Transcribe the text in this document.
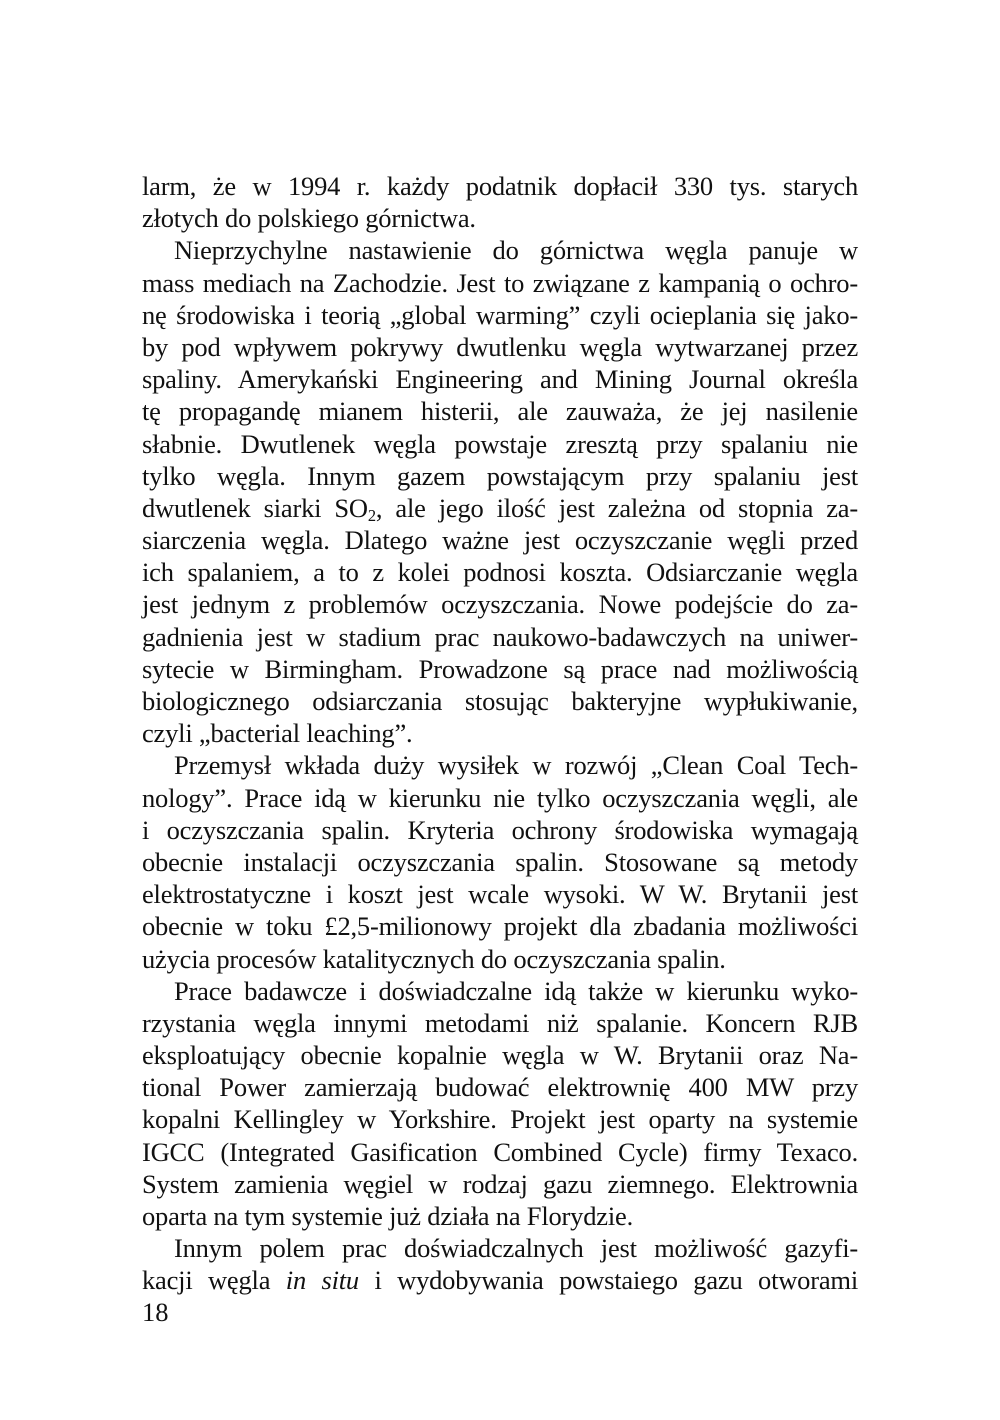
larm, że w 1994 r. każdy podatnik dopłacił 330 tys. starych
złotych do polskiego górnictwa.
Nieprzychylne nastawienie do górnictwa węgla panuje w
mass mediach na Zachodzie. Jest to związane z kampanią o ochro-
nę środowiska i teorią „global warming” czyli ocieplania się jako-
by pod wpływem pokrywy dwutlenku węgla wytwarzanej przez
spaliny. Amerykański Engineering and Mining Journal określa
tę propagandę mianem histerii, ale zauważa, że jej nasilenie
słabnie. Dwutlenek węgla powstaje zresztą przy spalaniu nie
tylko węgla. Innym gazem powstającym przy spalaniu jest
dwutlenek siarki $SO_2$, ale jego ilość jest zależna od stopnia za-
siarczenia węgla. Dlatego ważne jest oczyszczanie węgli przed
ich spalaniem, a to z kolei podnosi koszta. Odsiarczanie węgla
jest jednym z problemów oczyszczania. Nowe podejście do za-
gadnienia jest w stadium prac naukowo-badawczych na uniwer-
sytecie w Birmingham. Prowadzone są prace nad możliwością
biologicznego odsiarczania stosując bakteryjne wypłukiwanie,
czyli „bacterial leaching”.
Przemysł wkłada duży wysiłek w rozwój „Clean Coal Tech-
nology”. Prace idą w kierunku nie tylko oczyszczania węgli, ale
i oczyszczania spalin. Kryteria ochrony środowiska wymagają
obecnie instalacji oczyszczania spalin. Stosowane są metody
elektrostatyczne i koszt jest wcale wysoki. W W. Brytanii jest
obecnie w toku £2,5-milionowy projekt dla zbadania możliwości
użycia procesów katalitycznych do oczyszczania spalin.
Prace badawcze i doświadczalne idą także w kierunku wyko-
rzystania węgla innymi metodami niż spalanie. Koncern RJB
eksploatujący obecnie kopalnie węgla w W. Brytanii oraz Na-
tional Power zamierzają budować elektrownię 400 MW przy
kopalni Kellingley w Yorkshire. Projekt jest oparty na systemie
IGCC (Integrated Gasification Combined Cycle) firmy Texaco.
System zamienia węgiel w rodzaj gazu ziemnego. Elektrownia
oparta na tym systemie już działa na Florydzie.
Innym polem prac doświadczalnych jest możliwość gazyfi-
kacji węgla in situ i wydobywania powstaiego gazu otworami
18
